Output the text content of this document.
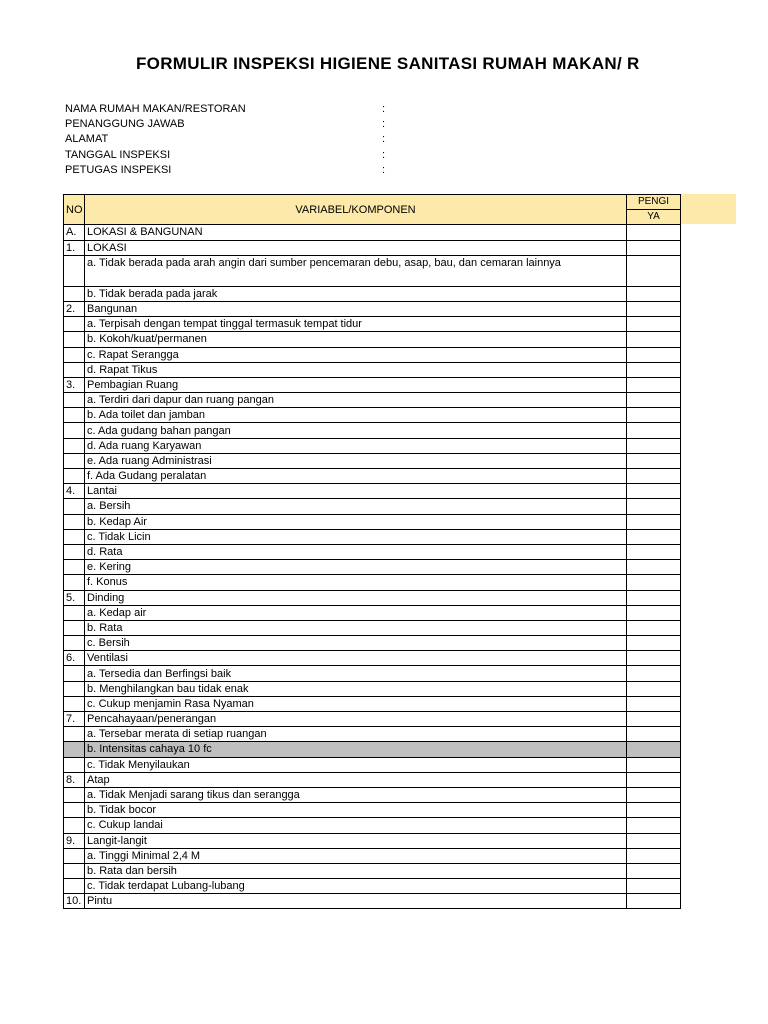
FORMULIR INSPEKSI HIGIENE SANITASI RUMAH MAKAN/ R
NAMA RUMAH MAKAN/RESTORAN	:
PENANGGUNG JAWAB	:
ALAMAT	:
TANGGAL INSPEKSI	:
PETUGAS INSPEKSI	:
NO	VARIABEL/KOMPONEN	PENGI
		YA
A.	LOKASI & BANGUNAN	
1.	LOKASI	
	a. Tidak berada pada arah angin dari sumber pencemaran debu, asap, bau, dan cemaran lainnya	
	b. Tidak berada pada jarak	
2.	Bangunan	
	a. Terpisah dengan tempat tinggal termasuk tempat tidur	
	b. Kokoh/kuat/permanen	
	c. Rapat Serangga	
	d. Rapat Tikus	
3.	Pembagian Ruang	
	a. Terdiri dari dapur dan ruang pangan	
	b. Ada toilet dan jamban	
	c. Ada gudang bahan pangan	
	d. Ada ruang Karyawan	
	e. Ada ruang Administrasi	
	f. Ada Gudang peralatan	
4.	Lantai	
	a. Bersih	
	b. Kedap Air	
	c. Tidak Licin	
	d. Rata	
	e. Kering	
	f. Konus	
5.	Dinding	
	a. Kedap air	
	b. Rata	
	c. Bersih	
6.	Ventilasi	
	a. Tersedia dan Berfingsi baik	
	b. Menghilangkan bau tidak enak	
	c. Cukup menjamin Rasa Nyaman	
7.	Pencahayaan/penerangan	
	a. Tersebar merata di setiap ruangan	
	b. Intensitas cahaya 10 fc	
	c. Tidak Menyilaukan	
8.	Atap	
	a. Tidak Menjadi sarang tikus dan serangga	
	b. Tidak bocor	
	c. Cukup landai	
9.	Langit-langit	
	a. Tinggi Minimal 2,4 M	
	b. Rata dan bersih	
	c. Tidak terdapat Lubang-lubang	
10.	Pintu	
